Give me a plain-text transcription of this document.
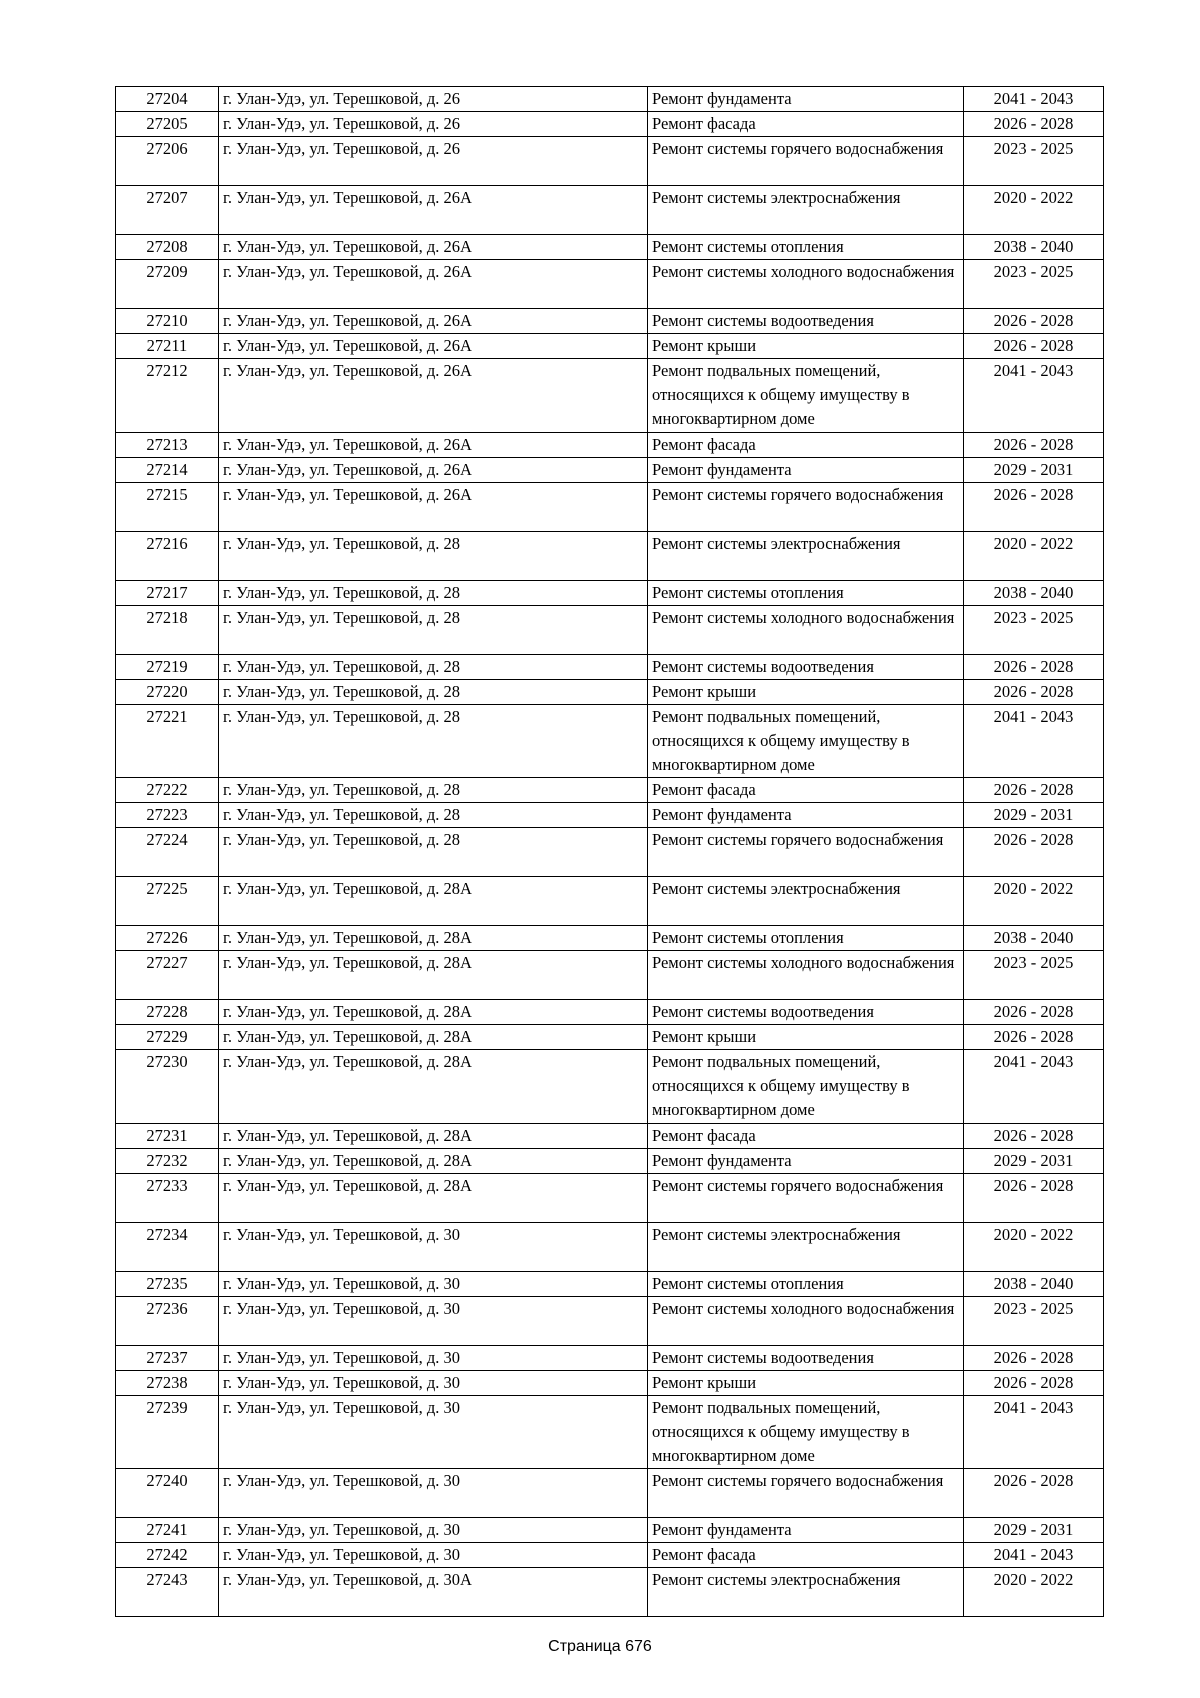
27204	г. Улан-Удэ, ул. Терешковой, д. 26	Ремонт фундамента	2041 - 2043
27205	г. Улан-Удэ, ул. Терешковой, д. 26	Ремонт фасада	2026 - 2028
27206	г. Улан-Удэ, ул. Терешковой, д. 26	Ремонт системы горячего водоснабжения	2023 - 2025
27207	г. Улан-Удэ, ул. Терешковой, д. 26А	Ремонт системы электроснабжения	2020 - 2022
27208	г. Улан-Удэ, ул. Терешковой, д. 26А	Ремонт системы отопления	2038 - 2040
27209	г. Улан-Удэ, ул. Терешковой, д. 26А	Ремонт системы холодного водоснабжения	2023 - 2025
27210	г. Улан-Удэ, ул. Терешковой, д. 26А	Ремонт системы водоотведения	2026 - 2028
27211	г. Улан-Удэ, ул. Терешковой, д. 26А	Ремонт крыши	2026 - 2028
27212	г. Улан-Удэ, ул. Терешковой, д. 26А	Ремонт подвальных помещений, относящихся к общему имуществу в многоквартирном доме	2041 - 2043
27213	г. Улан-Удэ, ул. Терешковой, д. 26А	Ремонт фасада	2026 - 2028
27214	г. Улан-Удэ, ул. Терешковой, д. 26А	Ремонт фундамента	2029 - 2031
27215	г. Улан-Удэ, ул. Терешковой, д. 26А	Ремонт системы горячего водоснабжения	2026 - 2028
27216	г. Улан-Удэ, ул. Терешковой, д. 28	Ремонт системы электроснабжения	2020 - 2022
27217	г. Улан-Удэ, ул. Терешковой, д. 28	Ремонт системы отопления	2038 - 2040
27218	г. Улан-Удэ, ул. Терешковой, д. 28	Ремонт системы холодного водоснабжения	2023 - 2025
27219	г. Улан-Удэ, ул. Терешковой, д. 28	Ремонт системы водоотведения	2026 - 2028
27220	г. Улан-Удэ, ул. Терешковой, д. 28	Ремонт крыши	2026 - 2028
27221	г. Улан-Удэ, ул. Терешковой, д. 28	Ремонт подвальных помещений, относящихся к общему имуществу в многоквартирном доме	2041 - 2043
27222	г. Улан-Удэ, ул. Терешковой, д. 28	Ремонт фасада	2026 - 2028
27223	г. Улан-Удэ, ул. Терешковой, д. 28	Ремонт фундамента	2029 - 2031
27224	г. Улан-Удэ, ул. Терешковой, д. 28	Ремонт системы горячего водоснабжения	2026 - 2028
27225	г. Улан-Удэ, ул. Терешковой, д. 28А	Ремонт системы электроснабжения	2020 - 2022
27226	г. Улан-Удэ, ул. Терешковой, д. 28А	Ремонт системы отопления	2038 - 2040
27227	г. Улан-Удэ, ул. Терешковой, д. 28А	Ремонт системы холодного водоснабжения	2023 - 2025
27228	г. Улан-Удэ, ул. Терешковой, д. 28А	Ремонт системы водоотведения	2026 - 2028
27229	г. Улан-Удэ, ул. Терешковой, д. 28А	Ремонт крыши	2026 - 2028
27230	г. Улан-Удэ, ул. Терешковой, д. 28А	Ремонт подвальных помещений, относящихся к общему имуществу в многоквартирном доме	2041 - 2043
27231	г. Улан-Удэ, ул. Терешковой, д. 28А	Ремонт фасада	2026 - 2028
27232	г. Улан-Удэ, ул. Терешковой, д. 28А	Ремонт фундамента	2029 - 2031
27233	г. Улан-Удэ, ул. Терешковой, д. 28А	Ремонт системы горячего водоснабжения	2026 - 2028
27234	г. Улан-Удэ, ул. Терешковой, д. 30	Ремонт системы электроснабжения	2020 - 2022
27235	г. Улан-Удэ, ул. Терешковой, д. 30	Ремонт системы отопления	2038 - 2040
27236	г. Улан-Удэ, ул. Терешковой, д. 30	Ремонт системы холодного водоснабжения	2023 - 2025
27237	г. Улан-Удэ, ул. Терешковой, д. 30	Ремонт системы водоотведения	2026 - 2028
27238	г. Улан-Удэ, ул. Терешковой, д. 30	Ремонт крыши	2026 - 2028
27239	г. Улан-Удэ, ул. Терешковой, д. 30	Ремонт подвальных помещений, относящихся к общему имуществу в многоквартирном доме	2041 - 2043
27240	г. Улан-Удэ, ул. Терешковой, д. 30	Ремонт системы горячего водоснабжения	2026 - 2028
27241	г. Улан-Удэ, ул. Терешковой, д. 30	Ремонт фундамента	2029 - 2031
27242	г. Улан-Удэ, ул. Терешковой, д. 30	Ремонт фасада	2041 - 2043
27243	г. Улан-Удэ, ул. Терешковой, д. 30А	Ремонт системы электроснабжения	2020 - 2022
Страница 676
